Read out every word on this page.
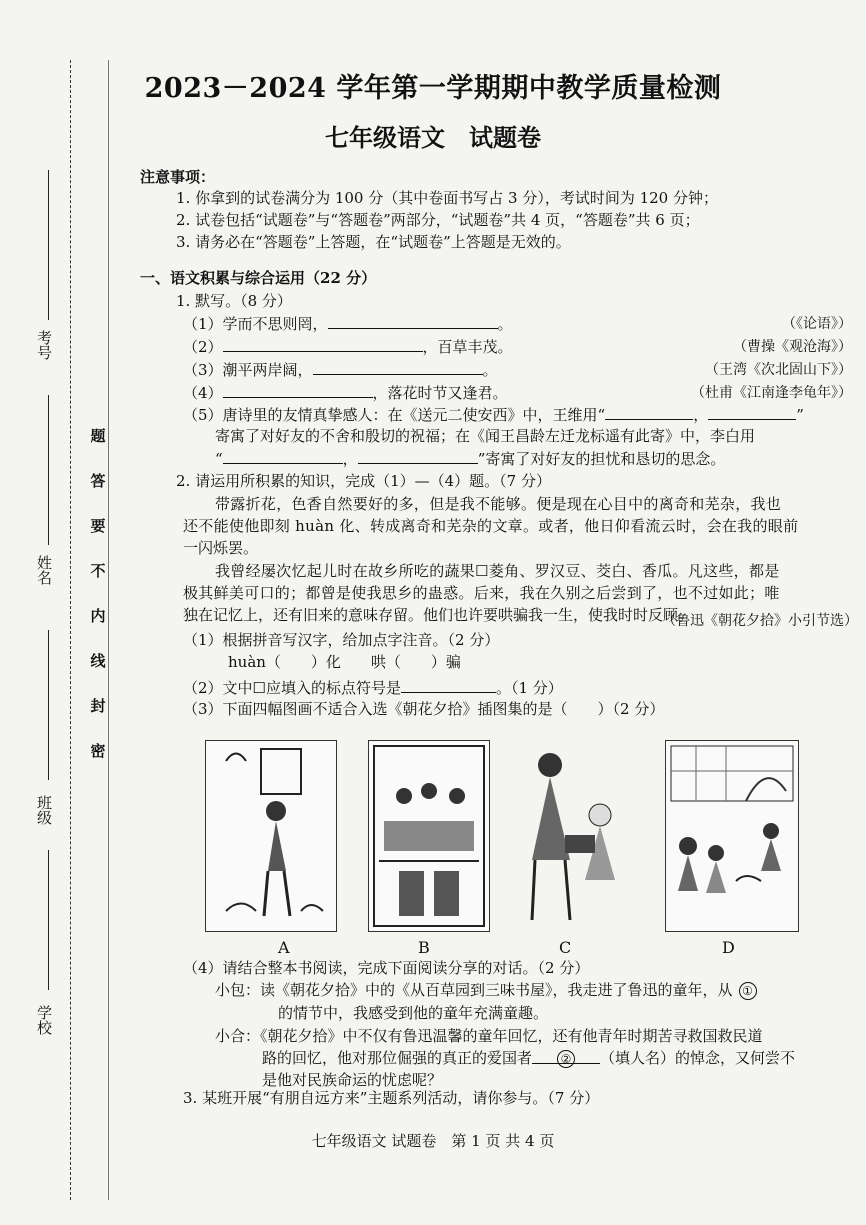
考号
姓名
班级
学校
题
答
要
不
内
线
封
密
2023－2024 学年第一学期期中教学质量检测
七年级语文　试题卷
注意事项：
1. 你拿到的试卷满分为 100 分（其中卷面书写占 3 分），考试时间为 120 分钟；
2. 试卷包括“试题卷”与“答题卷”两部分，“试题卷”共 4 页，“答题卷”共 6 页；
3. 请务必在“答题卷”上答题，在“试题卷”上答题是无效的。
一、语文积累与综合运用（22 分）
1. 默写。（8 分）
（1）学而不思则罔，	。	（《论语》）
（2）	，百草丰茂。	（曹操《观沧海》）
（3）潮平两岸阔，	。	（王湾《次北固山下》）
（4）	，落花时节又逢君。	（杜甫《江南逢李龟年》）
（5）唐诗里的友情真挚感人：在《送元二使安西》中，王维用“	，	”
寄寓了对好友的不舍和殷切的祝福；在《闻王昌龄左迁龙标遥有此寄》中，李白用
“	，	”寄寓了对好友的担忧和恳切的思念。
2. 请运用所积累的知识，完成（1）—（4）题。（7 分）
带露折花，色香自然要好的多，但是我不能够。便是现在心目中的离奇和芜杂，我也
还不能使他即刻 huàn 化、转成离奇和芜杂的文章。或者，他日仰看流云时，会在我的眼前
一闪烁罢。
我曾经屡次忆起儿时在故乡所吃的蔬果☐菱角、罗汉豆、茭白、香瓜。凡这些，都是
极其鲜美可口的；都曾是使我思乡的蛊惑。后来，我在久别之后尝到了，也不过如此；唯
独在记忆上，还有旧来的意味存留。他们也许要哄骗我一生，使我时时反顾。
（鲁迅《朝花夕拾》小引节选）
（1）根据拼音写汉字，给加点字注音。（2 分）
huàn（　　）化　　哄（　　）骗
（2）文中☐应填入的标点符号是	。（1 分）
（3）下面四幅图画不适合入选《朝花夕拾》插图集的是（　　）（2 分）
A	B	C	D
（4）请结合整本书阅读，完成下面阅读分享的对话。（2 分）
小包：读《朝花夕拾》中的《从百草园到三味书屋》，我走进了鲁迅的童年，从 ①
的情节中，我感受到他的童年充满童趣。
小合：《朝花夕拾》中不仅有鲁迅温馨的童年回忆，还有他青年时期苦寻救国救民道
路的回忆，他对那位倔强的真正的爱国者 ② （填人名）的悼念，又何尝不
是他对民族命运的忧虑呢？
3. 某班开展“有朋自远方来”主题系列活动，请你参与。（7 分）
七年级语文 试题卷　第 1 页 共 4 页
